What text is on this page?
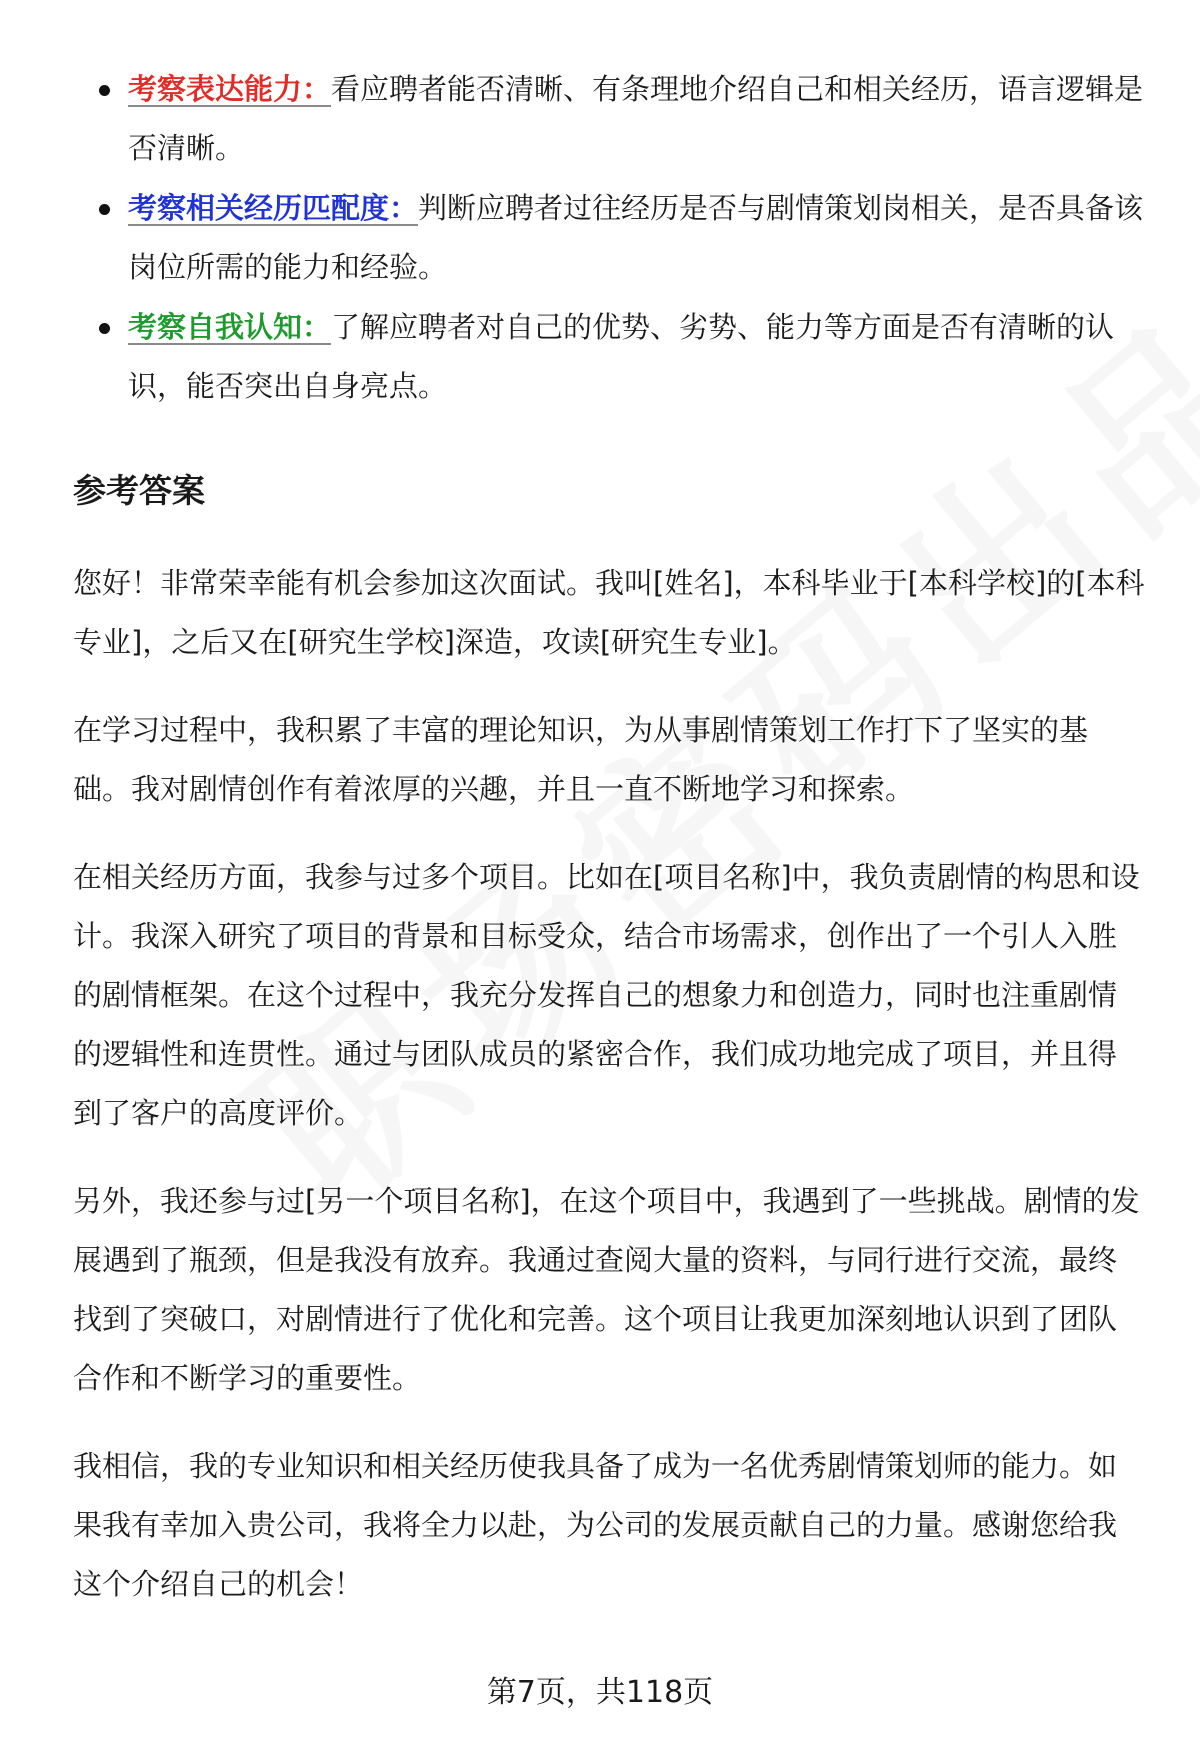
考察表达能力：看应聘者能否清晰、有条理地介绍自己和相关经历，语言逻辑是否清晰。
考察相关经历匹配度：判断应聘者过往经历是否与剧情策划岗相关，是否具备该岗位所需的能力和经验。
考察自我认知：了解应聘者对自己的优势、劣势、能力等方面是否有清晰的认识，能否突出自身亮点。
参考答案

您好！非常荣幸能有机会参加这次面试。我叫[姓名]，本科毕业于[本科学校]的[本科专业]，之后又在[研究生学校]深造，攻读[研究生专业]。

在学习过程中，我积累了丰富的理论知识，为从事剧情策划工作打下了坚实的基础。我对剧情创作有着浓厚的兴趣，并且一直不断地学习和探索。

在相关经历方面，我参与过多个项目。比如在[项目名称]中，我负责剧情的构思和设计。我深入研究了项目的背景和目标受众，结合市场需求，创作出了一个引人入胜的剧情框架。在这个过程中，我充分发挥自己的想象力和创造力，同时也注重剧情的逻辑性和连贯性。通过与团队成员的紧密合作，我们成功地完成了项目，并且得到了客户的高度评价。

另外，我还参与过[另一个项目名称]，在这个项目中，我遇到了一些挑战。剧情的发展遇到了瓶颈，但是我没有放弃。我通过查阅大量的资料，与同行进行交流，最终找到了突破口，对剧情进行了优化和完善。这个项目让我更加深刻地认识到了团队合作和不断学习的重要性。

我相信，我的专业知识和相关经历使我具备了成为一名优秀剧情策划师的能力。如果我有幸加入贵公司，我将全力以赴，为公司的发展贡献自己的力量。感谢您给我这个介绍自己的机会！

第7页，共118页
